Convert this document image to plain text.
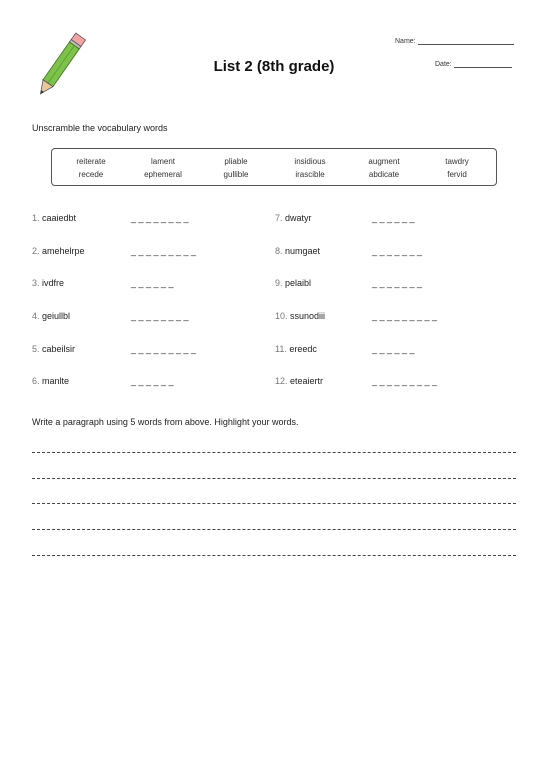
List 2 (8th grade)
Name:
Date:
Unscramble the vocabulary words
reiterate	lament	pliable	insidious	augment	tawdry
recede	ephemeral	gullible	irascible	abdicate	fervid
1. caaiedbt	_ _ _ _ _ _ _ _
2. amehelrpe	_ _ _ _ _ _ _ _ _
3. ivdfre	_ _ _ _ _ _
4. geiullbl	_ _ _ _ _ _ _ _
5. cabeilsir	_ _ _ _ _ _ _ _ _
6. manlte	_ _ _ _ _ _
7. dwatyr	_ _ _ _ _ _
8. numgaet	_ _ _ _ _ _ _
9. pelaibl	_ _ _ _ _ _ _
10. ssunodiii	_ _ _ _ _ _ _ _ _
11. ereedc	_ _ _ _ _ _
12. eteaiertr	_ _ _ _ _ _ _ _ _
Write a paragraph using 5 words from above. Highlight your words.
